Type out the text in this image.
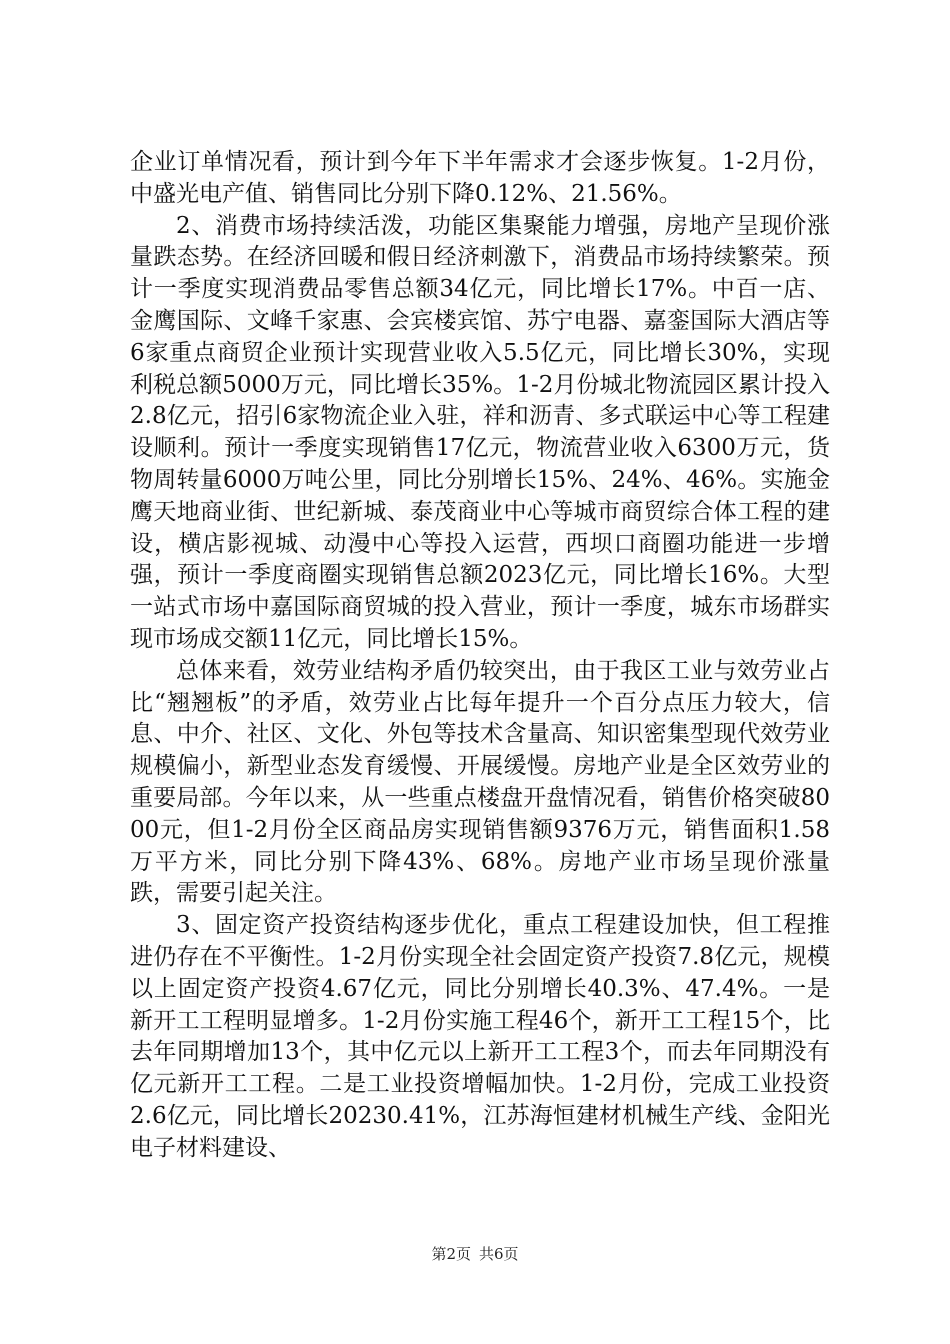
企业订单情况看，预计到今年下半年需求才会逐步恢复。1-2月份，中盛光电产值、销售同比分别下降0.12%、21.56%。

2、消费市场持续活泼，功能区集聚能力增强，房地产呈现价涨量跌态势。在经济回暖和假日经济刺激下，消费品市场持续繁荣。预计一季度实现消费品零售总额34亿元，同比增长17%。中百一店、金鹰国际、文峰千家惠、会宾楼宾馆、苏宁电器、嘉銮国际大酒店等6家重点商贸企业预计实现营业收入5.5亿元，同比增长30%，实现利税总额5000万元，同比增长35%。1-2月份城北物流园区累计投入2.8亿元，招引6家物流企业入驻，祥和沥青、多式联运中心等工程建设顺利。预计一季度实现销售17亿元，物流营业收入6300万元，货物周转量6000万吨公里，同比分别增长15%、24%、46%。实施金鹰天地商业街、世纪新城、泰茂商业中心等城市商贸综合体工程的建设，横店影视城、动漫中心等投入运营，西坝口商圈功能进一步增强，预计一季度商圈实现销售总额2023亿元，同比增长16%。大型一站式市场中嘉国际商贸城的投入营业，预计一季度，城东市场群实现市场成交额11亿元，同比增长15%。

总体来看，效劳业结构矛盾仍较突出，由于我区工业与效劳业占比“翘翘板”的矛盾，效劳业占比每年提升一个百分点压力较大，信息、中介、社区、文化、外包等技术含量高、知识密集型现代效劳业规模偏小，新型业态发育缓慢、开展缓慢。房地产业是全区效劳业的重要局部。今年以来，从一些重点楼盘开盘情况看，销售价格突破8000元，但1-2月份全区商品房实现销售额9376万元，销售面积1.58万平方米，同比分别下降43%、68%。房地产业市场呈现价涨量跌，需要引起关注。

3、固定资产投资结构逐步优化，重点工程建设加快，但工程推进仍存在不平衡性。1-2月份实现全社会固定资产投资7.8亿元，规模以上固定资产投资4.67亿元，同比分别增长40.3%、47.4%。一是新开工工程明显增多。1-2月份实施工程46个，新开工工程15个，比去年同期增加13个，其中亿元以上新开工工程3个，而去年同期没有亿元新开工工程。二是工业投资增幅加快。1-2月份，完成工业投资2.6亿元，同比增长20230.41%，江苏海恒建材机械生产线、金阳光电子材料建设、

第2页 共6页
